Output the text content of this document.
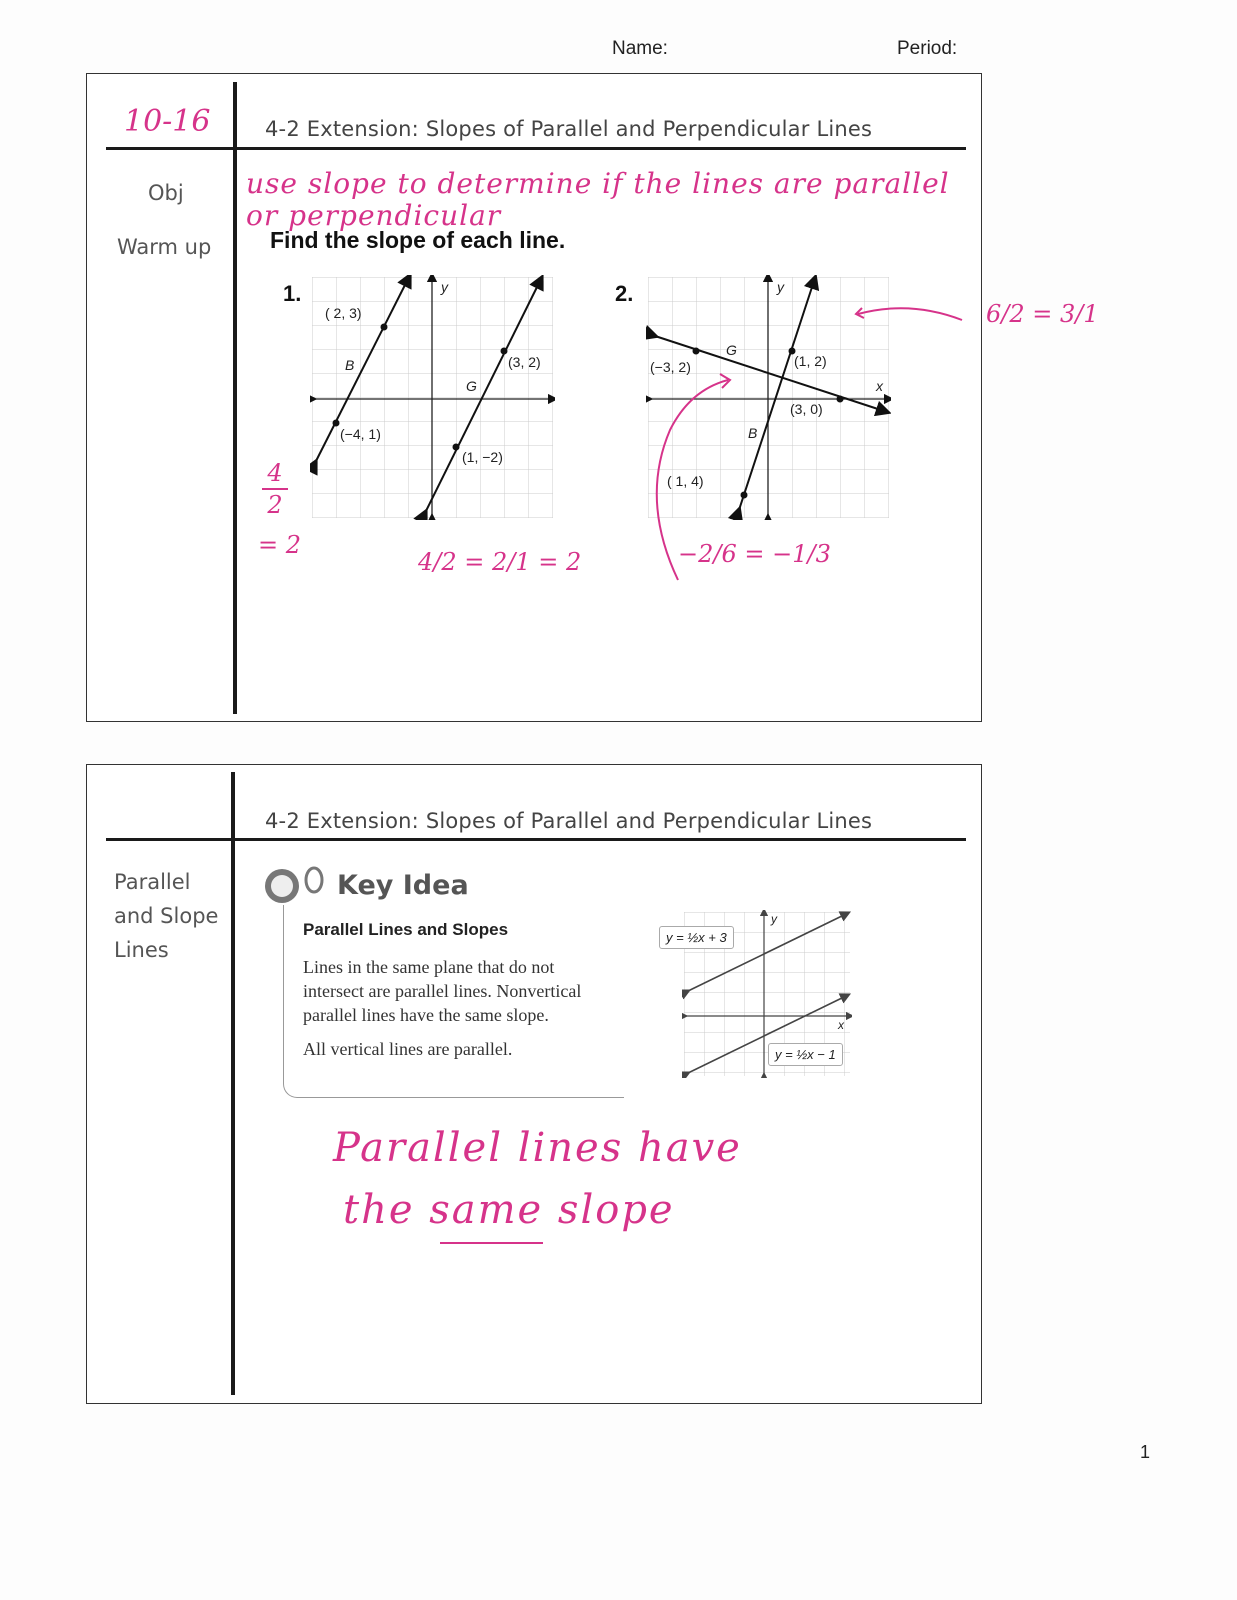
Name:	Period:
10-16	4-2 Extension: Slopes of Parallel and Perpendicular Lines
Obj
Warm up
use slope to determine if the lines are parallel or perpendicular
Find the slope of each line.
1.	y
( 2, 3)
(−4, 1)
(3, 2)
(1, −2)
B
G
4
2
= 2
4/2 = 2/1 = 2
2.	y
x
(−3, 2)	(1, 2)
(3, 0)
( 1, 4)
G
B
6/2 = 3/1
−2/6 = −1/3
4-2 Extension: Slopes of Parallel and Perpendicular Lines
Parallel
and Slope
Lines
Key Idea
Parallel Lines and Slopes
Lines in the same plane that do not
intersect are parallel lines. Nonvertical
parallel lines have the same slope.
All vertical lines are parallel.
y
x
y = ½x + 3
y = ½x − 1
Parallel lines have
the same slope
1
